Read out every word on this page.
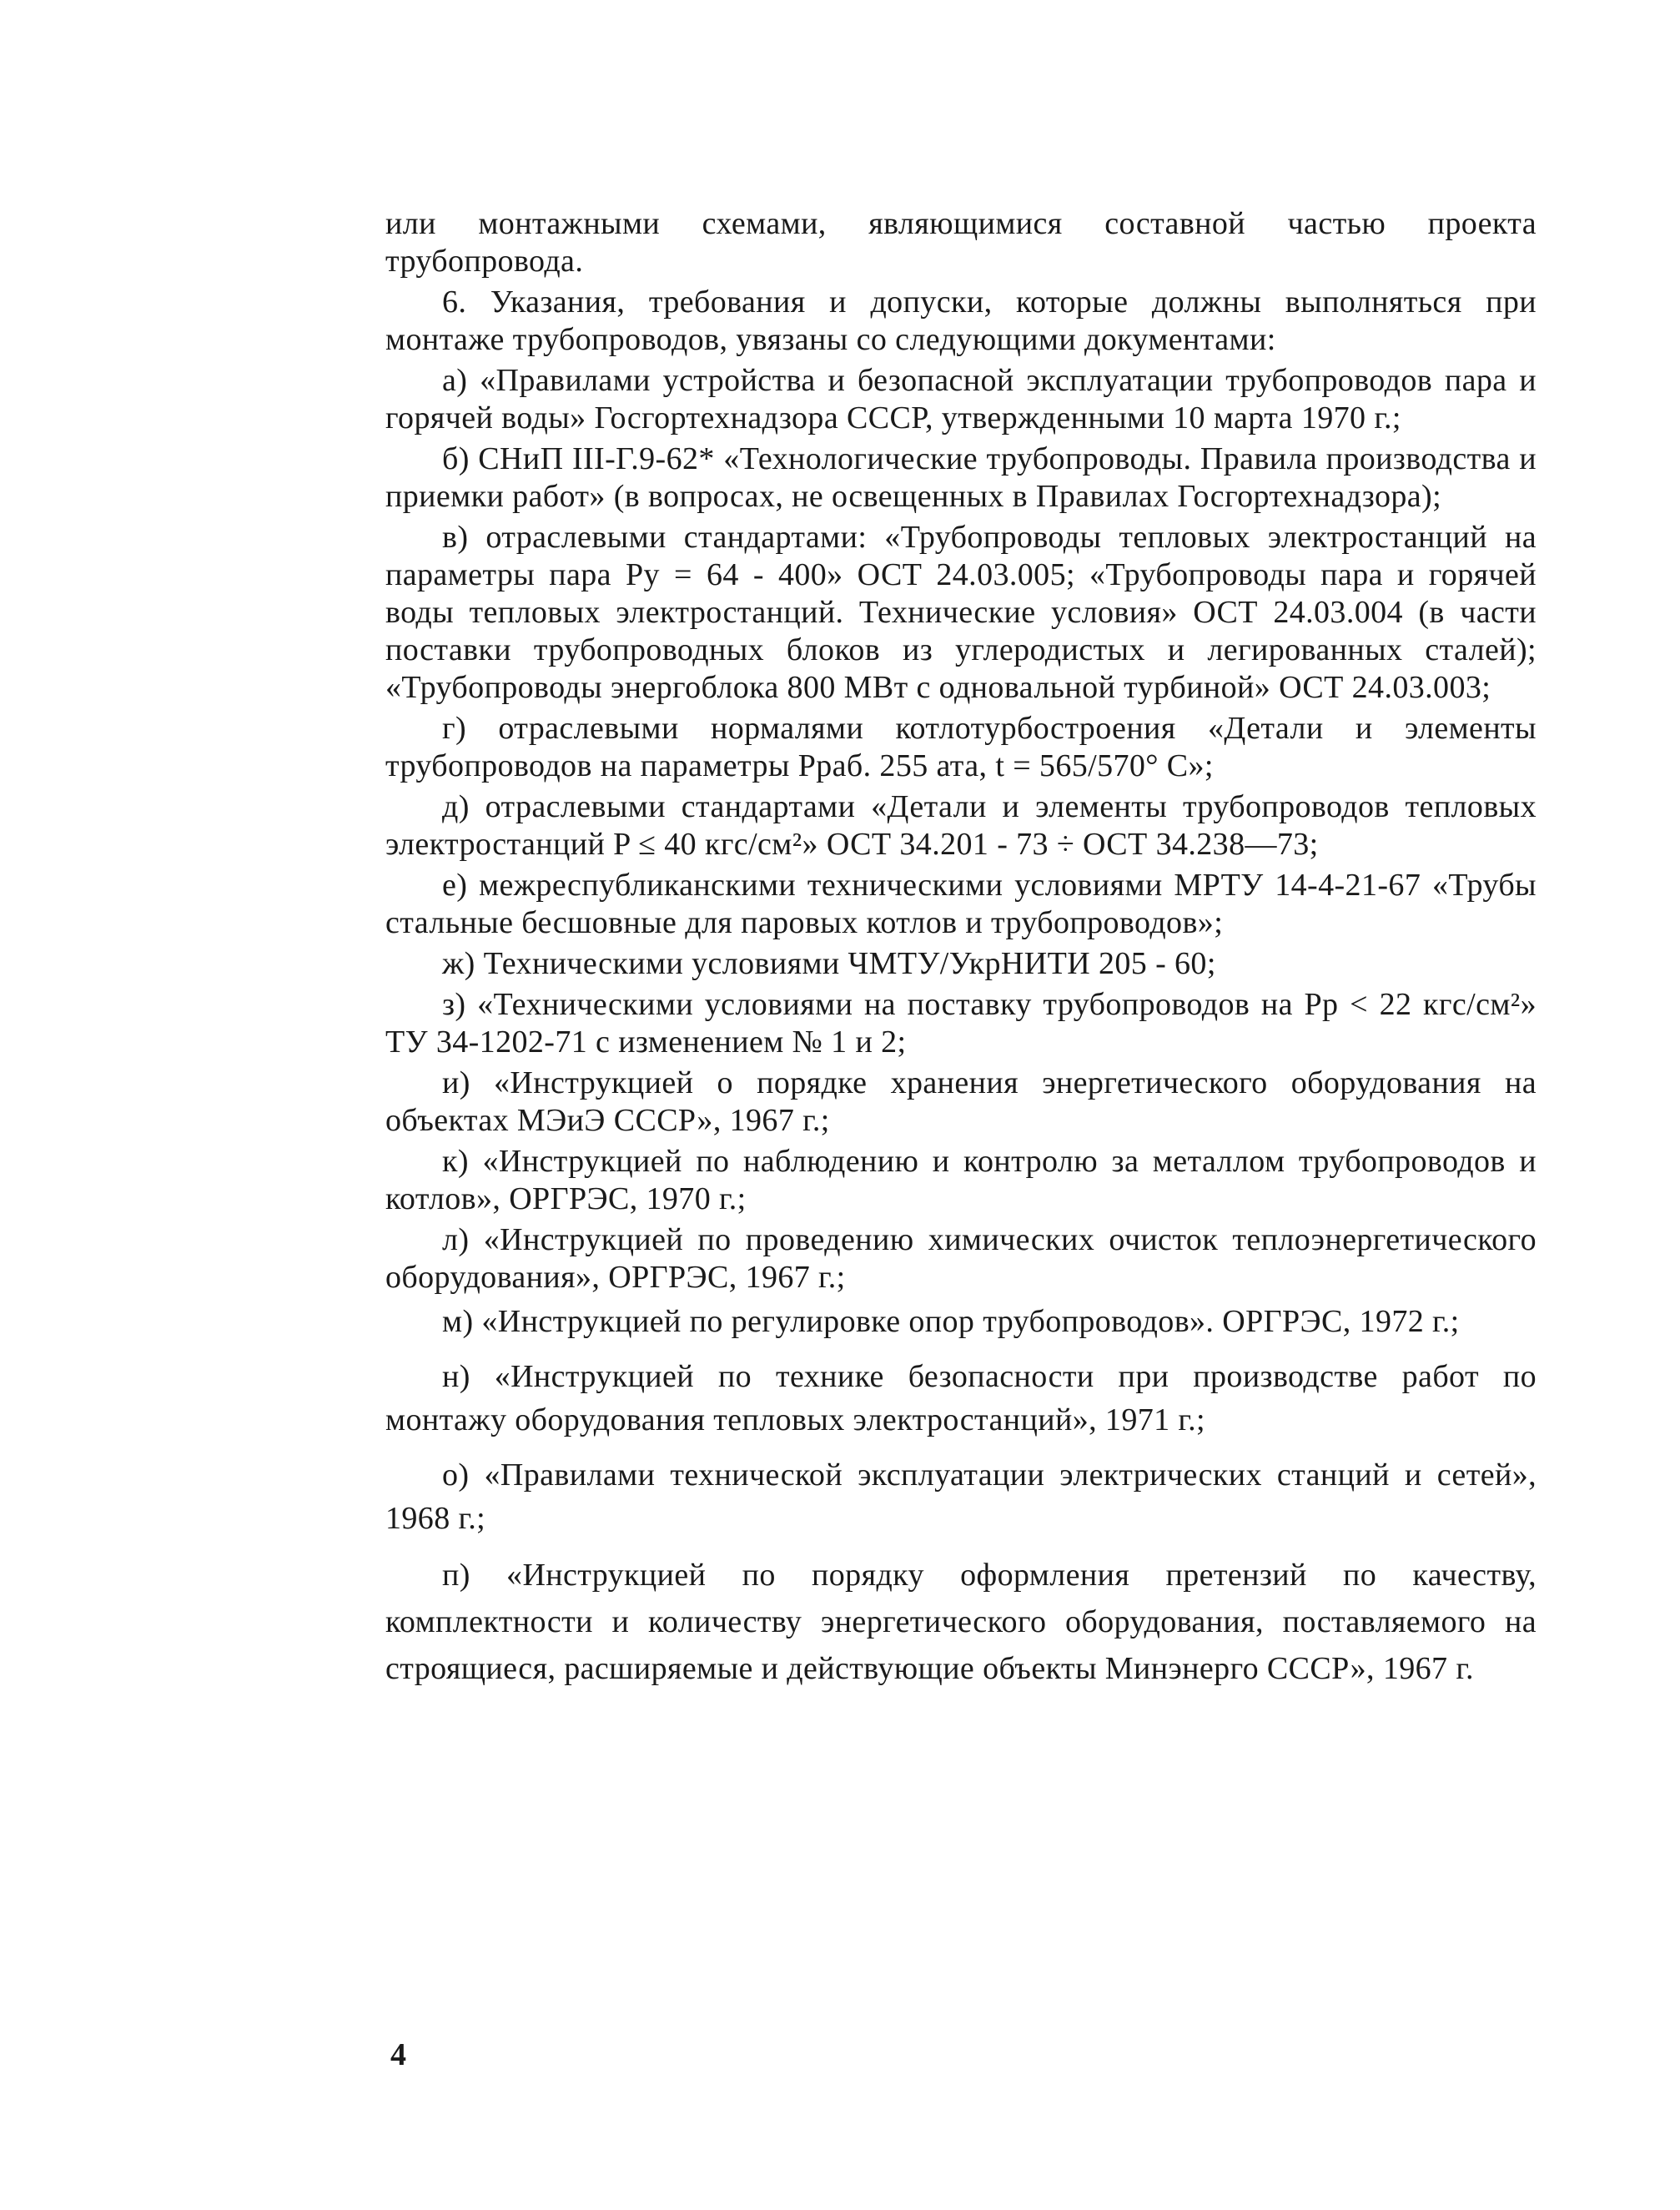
или монтажными схемами, являющимися составной частью проекта трубопровода.

6. Указания, требования и допуски, которые должны выполняться при монтаже трубопроводов, увязаны со следующими документами:

а) «Правилами устройства и безопасной эксплуатации трубопроводов пара и горячей воды» Госгортехнадзора СССР, утвержденными 10 марта 1970 г.;

б) СНиП III-Г.9-62* «Технологические трубопроводы. Правила производства и приемки работ» (в вопросах, не освещенных в Правилах Госгортехнадзора);

в) отраслевыми стандартами: «Трубопроводы тепловых электростанций на параметры пара Pу = 64 - 400» ОСТ 24.03.005; «Трубопроводы пара и горячей воды тепловых электростанций. Технические условия» ОСТ 24.03.004 (в части поставки трубопроводных блоков из углеродистых и легированных сталей); «Трубопроводы энергоблока 800 МВт с одновальной турбиной» ОСТ 24.03.003;

г) отраслевыми нормалями котлотурбостроения «Детали и элементы трубопроводов на параметры Pраб. 255 ата, t = 565/570° С»;

д) отраслевыми стандартами «Детали и элементы трубопроводов тепловых электростанций P ≤ 40 кгс/см²» ОСТ 34.201 - 73 ÷ ОСТ 34.238—73;

е) межреспубликанскими техническими условиями МРТУ 14-4-21-67 «Трубы стальные бесшовные для паровых котлов и трубопроводов»;

ж) Техническими условиями ЧМТУ/УкрНИТИ 205 - 60;

з) «Техническими условиями на поставку трубопроводов на Pр < 22 кгс/см²» ТУ 34-1202-71 с изменением № 1 и 2;

и) «Инструкцией о порядке хранения энергетического оборудования на объектах МЭиЭ СССР», 1967 г.;

к) «Инструкцией по наблюдению и контролю за металлом трубопроводов и котлов», ОРГРЭС, 1970 г.;

л) «Инструкцией по проведению химических очисток теплоэнергетического оборудования», ОРГРЭС, 1967 г.;

м) «Инструкцией по регулировке опор трубопроводов». ОРГРЭС, 1972 г.;

н) «Инструкцией по технике безопасности при производстве работ по монтажу оборудования тепловых электростанций», 1971 г.;

о) «Правилами технической эксплуатации электрических станций и сетей», 1968 г.;

п) «Инструкцией по порядку оформления претензий по качеству, комплектности и количеству энергетического оборудования, поставляемого на строящиеся, расширяемые и действующие объекты Минэнерго СССР», 1967 г.

4
